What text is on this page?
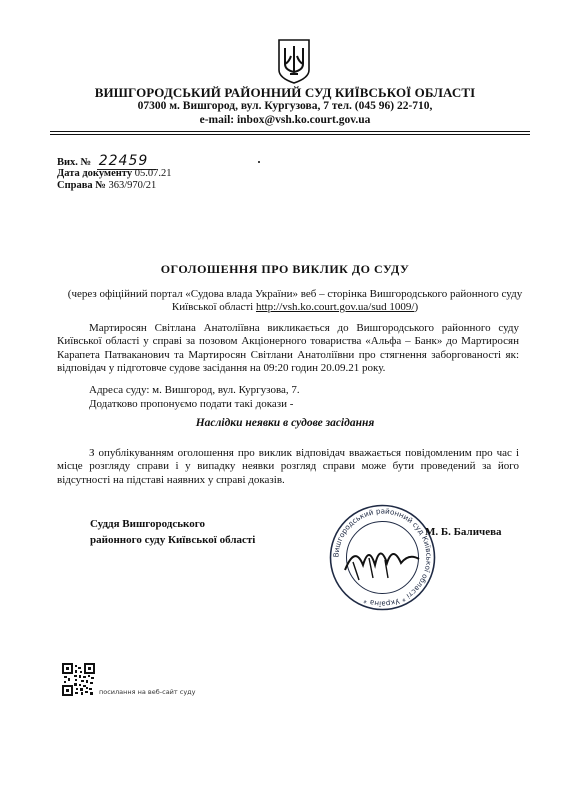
ВИШГОРОДСЬКИЙ РАЙОННИЙ СУД КИЇВСЬКОЇ ОБЛАСТІ
07300 м. Вишгород, вул. Кургузова, 7 тел. (045 96) 22-710,
e-mail: inbox@vsh.ko.court.gov.ua
Вих. № 22459
Дата документу 05.07.21
Справа № 363/970/21
ОГОЛОШЕННЯ ПРО ВИКЛИК ДО СУДУ
(через офіційний портал «Судова влада України» веб – сторінка Вишгородського районного суду
Київської області http://vsh.ko.court.gov.ua/sud 1009/)
Мартиросян Світлана Анатоліївна викликається до Вишгородського районного суду Київської області у справі за позовом Акціонерного товариства «Альфа – Банк» до Мартиросян Карапета Патваканович та Мартиросян Світлани Анатоліївни про стягнення заборгованості як: відповідач у підготовче судове засідання на 09:20 годин 20.09.21 року.
Адреса суду: м. Вишгород, вул. Кургузова, 7.
Додатково пропонуємо подати такі докази -
Наслідки неявки в судове засідання
З опублікуванням оголошення про виклик відповідач вважається повідомленим про час і місце розгляду справи і у випадку неявки розгляд справи може бути проведений за його відсутності на підставі наявних у справі доказів.
Суддя Вишгородського
районного суду Київської області
Вишгородський районний суд Київської області * Україна *
М. Б. Баличева
посилання на веб-сайт суду
